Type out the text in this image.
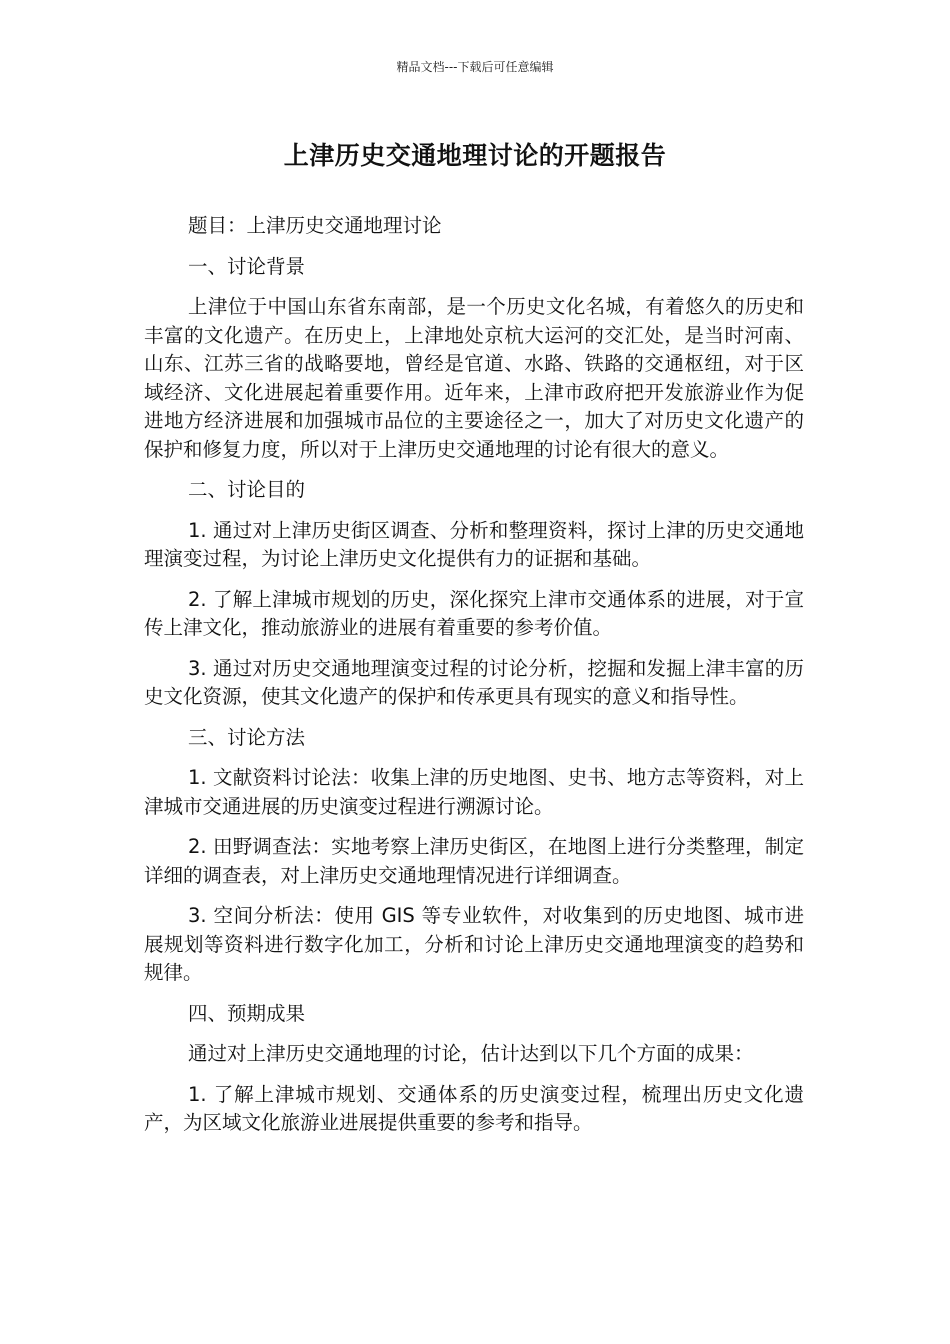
精品文档---下载后可任意编辑
上津历史交通地理讨论的开题报告

题目：上津历史交通地理讨论

一、讨论背景

上津位于中国山东省东南部，是一个历史文化名城，有着悠久的历史和丰富的文化遗产。在历史上，上津地处京杭大运河的交汇处，是当时河南、山东、江苏三省的战略要地，曾经是官道、水路、铁路的交通枢纽，对于区域经济、文化进展起着重要作用。近年来，上津市政府把开发旅游业作为促进地方经济进展和加强城市品位的主要途径之一，加大了对历史文化遗产的保护和修复力度，所以对于上津历史交通地理的讨论有很大的意义。

二、讨论目的

1. 通过对上津历史街区调查、分析和整理资料，探讨上津的历史交通地理演变过程，为讨论上津历史文化提供有力的证据和基础。

2. 了解上津城市规划的历史，深化探究上津市交通体系的进展，对于宣传上津文化，推动旅游业的进展有着重要的参考价值。

3. 通过对历史交通地理演变过程的讨论分析，挖掘和发掘上津丰富的历史文化资源，使其文化遗产的保护和传承更具有现实的意义和指导性。

三、讨论方法

1. 文献资料讨论法：收集上津的历史地图、史书、地方志等资料，对上津城市交通进展的历史演变过程进行溯源讨论。

2. 田野调查法：实地考察上津历史街区，在地图上进行分类整理，制定详细的调查表，对上津历史交通地理情况进行详细调查。

3. 空间分析法：使用 GIS 等专业软件，对收集到的历史地图、城市进展规划等资料进行数字化加工，分析和讨论上津历史交通地理演变的趋势和规律。

四、预期成果

通过对上津历史交通地理的讨论，估计达到以下几个方面的成果：

1. 了解上津城市规划、交通体系的历史演变过程，梳理出历史文化遗产，为区域文化旅游业进展提供重要的参考和指导。
